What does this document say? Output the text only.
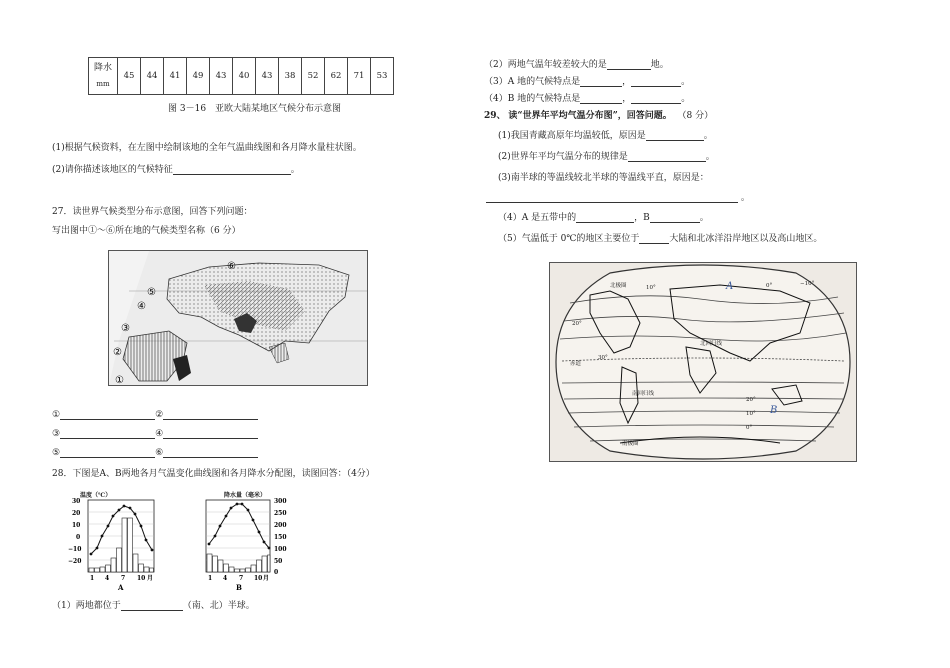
降水
mm
	45	44	41	49	43	40	43	38	52	62	71	53
图 3－16　亚欧大陆某地区气候分布示意图
(1)根据气候资料，在左图中绘制该地的全年气温曲线图和各月降水量柱状图。
(2)请你描述该地区的气候特征	。
27．读世界气候类型分布示意图，回答下列问题：
写出图中①～⑥所在地的气候类型名称（6 分）
⑥
⑤
④
③
②
①
①	②
③	④
⑤	⑥
28．下图是A、B两地各月气温变化曲线图和各月降水分配图，读图回答：（4分）
温度（℃）
30
20
10
0
−10
−20
1 4 7 10 月
A
降水量（毫米）
300
250
200
150
100
50
0
1 4 7 10 月
B
（1）两地都位于	（南、北）半球。
（2）两地气温年较差较大的是	地。
（3）A 地的气候特点是	，	。
（4）B 地的气候特点是	，	。
29、 读“世界年平均气温分布图”，回答问题。 （8 分）
(1)我国青藏高原年均温较低，原因是	。
(2)世界年平均气温分布的规律是	。
(3)南半球的等温线较北半球的等温线平直，原因是：
。
（4）A 是五带中的	，B	。
（5）气温低于 0℃的地区主要位于	大陆和北冰洋沿岸地区以及高山地区。
北极圈
北回归线
赤道
南回归线
南极圈
10°	0°	−10°
20°
30°
20°
10°
0°
A
B
